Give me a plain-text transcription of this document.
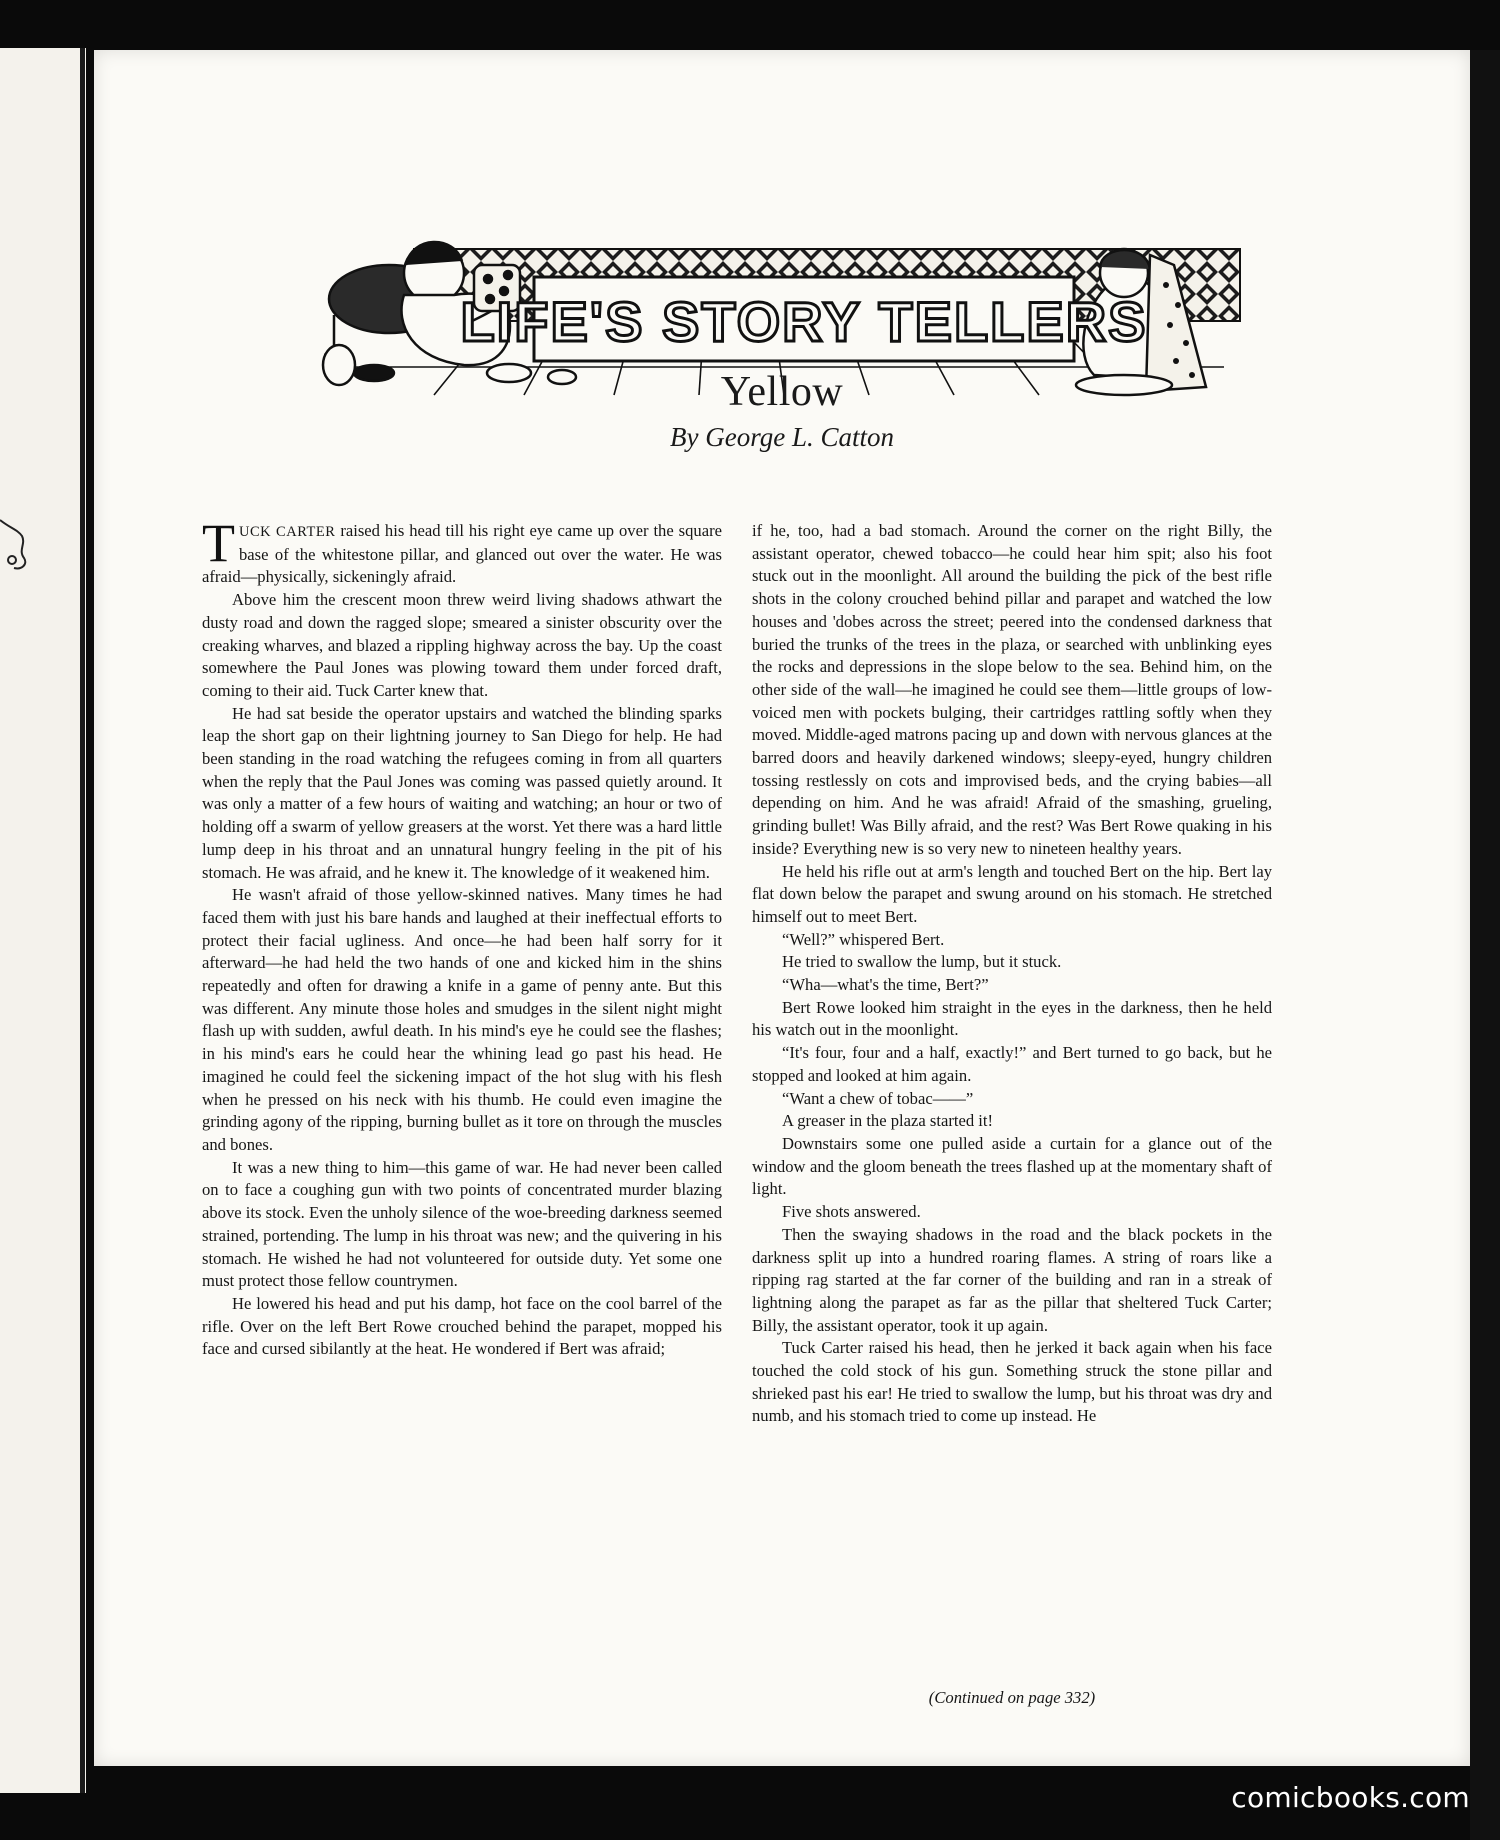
LIFE'S STORY TELLERS
Yellow
By George L. Catton

TUCK CARTER raised his head till his right eye came up over the square base of the whitestone pillar, and glanced out over the water. He was afraid—physically, sickeningly afraid.

Above him the crescent moon threw weird living shadows athwart the dusty road and down the ragged slope; smeared a sinister obscurity over the creaking wharves, and blazed a rippling highway across the bay. Up the coast somewhere the Paul Jones was plowing toward them under forced draft, coming to their aid. Tuck Carter knew that.

He had sat beside the operator upstairs and watched the blinding sparks leap the short gap on their lightning journey to San Diego for help. He had been standing in the road watching the refugees coming in from all quarters when the reply that the Paul Jones was coming was passed quietly around. It was only a matter of a few hours of waiting and watching; an hour or two of holding off a swarm of yellow greasers at the worst. Yet there was a hard little lump deep in his throat and an unnatural hungry feeling in the pit of his stomach. He was afraid, and he knew it. The knowledge of it weakened him.

He wasn't afraid of those yellow-skinned natives. Many times he had faced them with just his bare hands and laughed at their ineffectual efforts to protect their facial ugliness. And once—he had been half sorry for it afterward—he had held the two hands of one and kicked him in the shins repeatedly and often for drawing a knife in a game of penny ante. But this was different. Any minute those holes and smudges in the silent night might flash up with sudden, awful death. In his mind's eye he could see the flashes; in his mind's ears he could hear the whining lead go past his head. He imagined he could feel the sickening impact of the hot slug with his flesh when he pressed on his neck with his thumb. He could even imagine the grinding agony of the ripping, burning bullet as it tore on through the muscles and bones.

It was a new thing to him—this game of war. He had never been called on to face a coughing gun with two points of concentrated murder blazing above its stock. Even the unholy silence of the woe-breeding darkness seemed strained, portending. The lump in his throat was new; and the quivering in his stomach. He wished he had not volunteered for outside duty. Yet some one must protect those fellow countrymen.

He lowered his head and put his damp, hot face on the cool barrel of the rifle. Over on the left Bert Rowe crouched behind the parapet, mopped his face and cursed sibilantly at the heat. He wondered if Bert was afraid;

if he, too, had a bad stomach. Around the corner on the right Billy, the assistant operator, chewed tobacco—he could hear him spit; also his foot stuck out in the moonlight. All around the building the pick of the best rifle shots in the colony crouched behind pillar and parapet and watched the low houses and 'dobes across the street; peered into the condensed darkness that buried the trunks of the trees in the plaza, or searched with unblinking eyes the rocks and depressions in the slope below to the sea. Behind him, on the other side of the wall—he imagined he could see them—little groups of low-voiced men with pockets bulging, their cartridges rattling softly when they moved. Middle-aged matrons pacing up and down with nervous glances at the barred doors and heavily darkened windows; sleepy-eyed, hungry children tossing restlessly on cots and improvised beds, and the crying babies—all depending on him. And he was afraid! Afraid of the smashing, grueling, grinding bullet! Was Billy afraid, and the rest? Was Bert Rowe quaking in his inside? Everything new is so very new to nineteen healthy years.

He held his rifle out at arm's length and touched Bert on the hip. Bert lay flat down below the parapet and swung around on his stomach. He stretched himself out to meet Bert.

“Well?” whispered Bert.

He tried to swallow the lump, but it stuck.

“Wha—what's the time, Bert?”

Bert Rowe looked him straight in the eyes in the darkness, then he held his watch out in the moonlight.

“It's four, four and a half, exactly!” and Bert turned to go back, but he stopped and looked at him again.

“Want a chew of tobac——”

A greaser in the plaza started it!

Downstairs some one pulled aside a curtain for a glance out of the window and the gloom beneath the trees flashed up at the momentary shaft of light.

Five shots answered.

Then the swaying shadows in the road and the black pockets in the darkness split up into a hundred roaring flames. A string of roars like a ripping rag started at the far corner of the building and ran in a streak of lightning along the parapet as far as the pillar that sheltered Tuck Carter; Billy, the assistant operator, took it up again.

Tuck Carter raised his head, then he jerked it back again when his face touched the cold stock of his gun. Something struck the stone pillar and shrieked past his ear! He tried to swallow the lump, but his throat was dry and numb, and his stomach tried to come up instead. He

(Continued on page 332)
comicbooks.com
